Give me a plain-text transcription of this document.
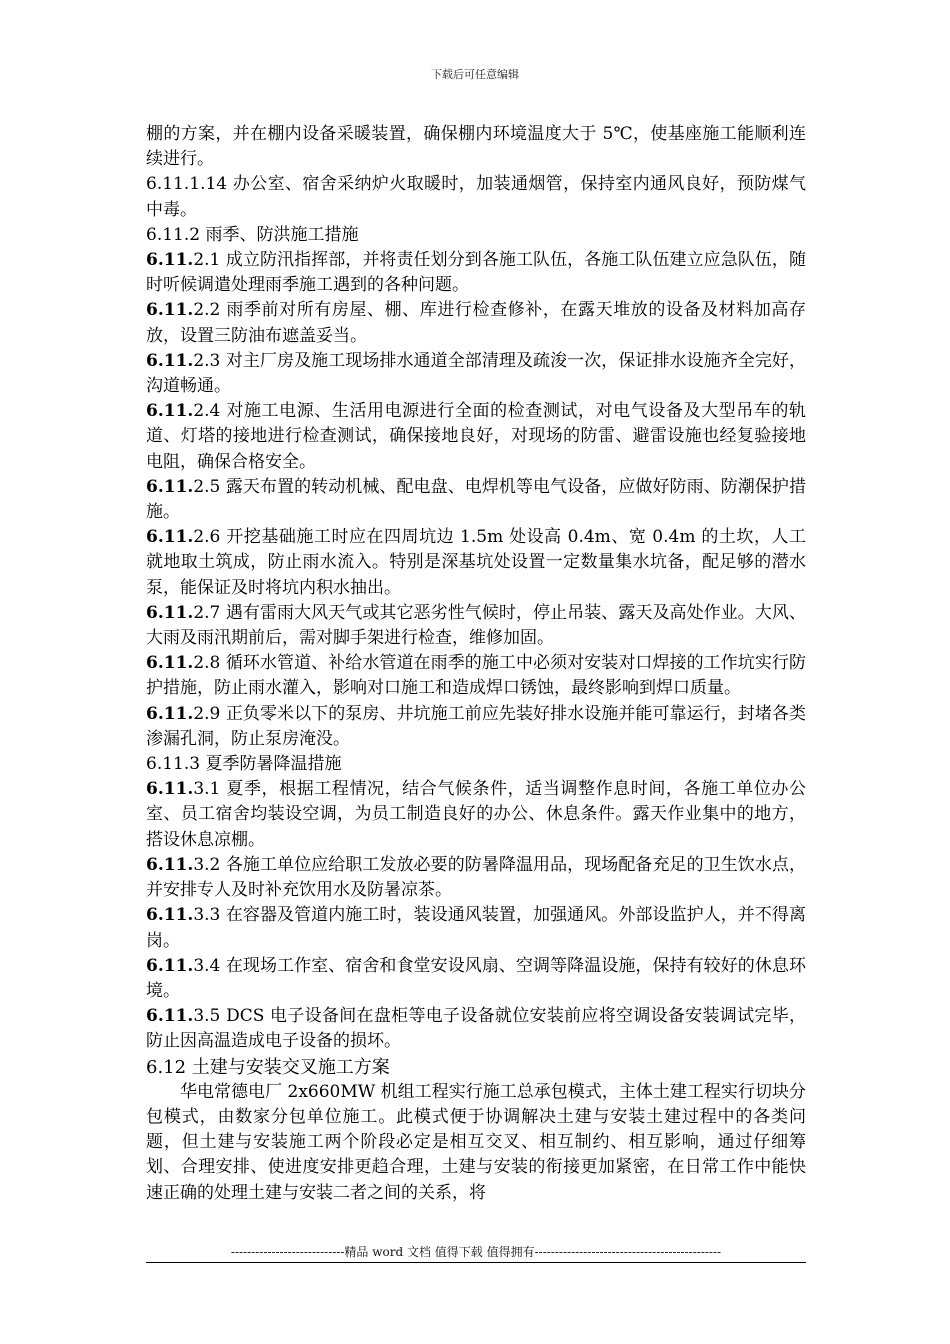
下载后可任意编辑

棚的方案，并在棚内设备采暖装置，确保棚内环境温度大于 5℃，使基座施工能顺利连续进行。

6.11.1.14 办公室、宿舍采纳炉火取暖时，加装通烟管，保持室内通风良好，预防煤气中毒。

6.11.2 雨季、防洪施工措施

6.11.2.1 成立防汛指挥部，并将责任划分到各施工队伍，各施工队伍建立应急队伍，随时听候调遣处理雨季施工遇到的各种问题。

6.11.2.2 雨季前对所有房屋、棚、库进行检查修补，在露天堆放的设备及材料加高存放，设置三防油布遮盖妥当。

6.11.2.3 对主厂房及施工现场排水通道全部清理及疏浚一次，保证排水设施齐全完好，沟道畅通。

6.11.2.4 对施工电源、生活用电源进行全面的检查测试，对电气设备及大型吊车的轨道、灯塔的接地进行检查测试，确保接地良好，对现场的防雷、避雷设施也经复验接地电阻，确保合格安全。

6.11.2.5 露天布置的转动机械、配电盘、电焊机等电气设备，应做好防雨、防潮保护措施。

6.11.2.6 开挖基础施工时应在四周坑边 1.5m 处设高 0.4m、宽 0.4m 的土坎，人工就地取土筑成，防止雨水流入。特别是深基坑处设置一定数量集水坑备，配足够的潜水泵，能保证及时将坑内积水抽出。

6.11.2.7 遇有雷雨大风天气或其它恶劣性气候时，停止吊装、露天及高处作业。大风、大雨及雨汛期前后，需对脚手架进行检查，维修加固。

6.11.2.8 循环水管道、补给水管道在雨季的施工中必须对安装对口焊接的工作坑实行防护措施，防止雨水灌入，影响对口施工和造成焊口锈蚀，最终影响到焊口质量。

6.11.2.9 正负零米以下的泵房、井坑施工前应先装好排水设施并能可靠运行，封堵各类渗漏孔洞，防止泵房淹没。

6.11.3 夏季防暑降温措施

6.11.3.1 夏季，根据工程情况，结合气候条件，适当调整作息时间，各施工单位办公室、员工宿舍均装设空调，为员工制造良好的办公、休息条件。露天作业集中的地方，搭设休息凉棚。

6.11.3.2 各施工单位应给职工发放必要的防暑降温用品，现场配备充足的卫生饮水点，并安排专人及时补充饮用水及防暑凉茶。

6.11.3.3 在容器及管道内施工时，装设通风装置，加强通风。外部设监护人，并不得离岗。

6.11.3.4 在现场工作室、宿舍和食堂安设风扇、空调等降温设施，保持有较好的休息环境。

6.11.3.5 DCS 电子设备间在盘柜等电子设备就位安装前应将空调设备安装调试完毕，防止因高温造成电子设备的损坏。

6.12 土建与安装交叉施工方案

华电常德电厂 2x660MW 机组工程实行施工总承包模式，主体土建工程实行切块分包模式，由数家分包单位施工。此模式便于协调解决土建与安装土建过程中的各类问题，但土建与安装施工两个阶段必定是相互交叉、相互制约、相互影响，通过仔细筹划、合理安排、使进度安排更趋合理，土建与安装的衔接更加紧密，在日常工作中能快速正确的处理土建与安装二者之间的关系，将

----------------------------精品 word 文档 值得下载 值得拥有----------------------------------------------
